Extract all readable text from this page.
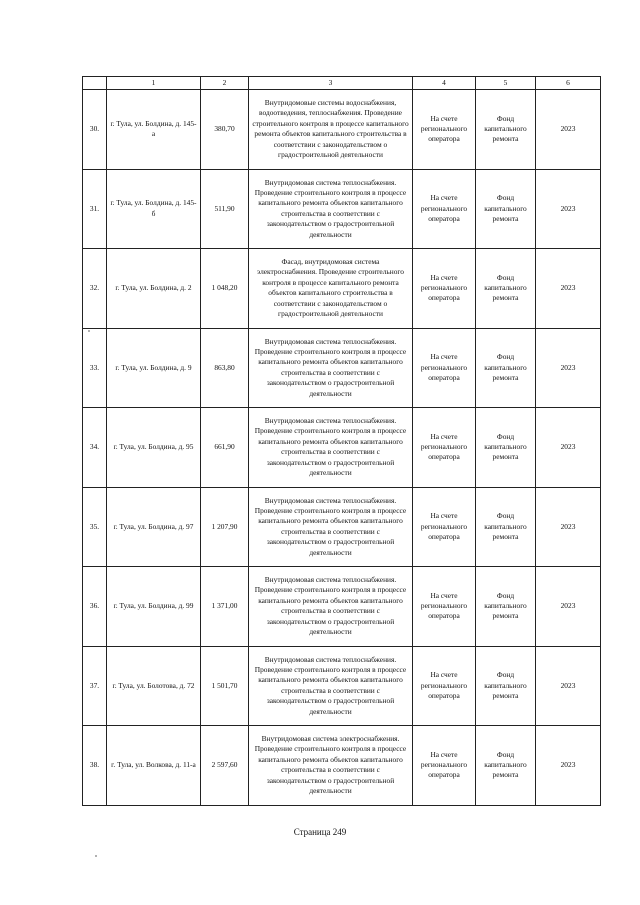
	1	2	3	4	5	6
30.	г. Тула, ул. Болдина, д. 145-а	380,70	Внутридомовые системы водоснабжения, водоотведения, теплоснабжения. Проведение строительного контроля в процессе капитального ремонта объектов капитального строительства в соответствии с законодательством о градостроительной деятельности	На счете регионального оператора	Фонд капитального ремонта	2023
31.	г. Тула, ул. Болдина, д. 145-б	511,90	Внутридомовая система теплоснабжения. Проведение строительного контроля в процессе капитального ремонта объектов капитального строительства в соответствии с законодательством о градостроительной деятельности	На счете регионального оператора	Фонд капитального ремонта	2023
32.	г. Тула, ул. Болдина, д. 2	1 048,20	Фасад, внутридомовая система электроснабжения. Проведение строительного контроля в процессе капитального ремонта объектов капитального строительства в соответствии с законодательством о градостроительной деятельности	На счете регионального оператора	Фонд капитального ремонта	2023
33.	г. Тула, ул. Болдина, д. 9	863,80	Внутридомовая система теплоснабжения. Проведение строительного контроля в процессе капитального ремонта объектов капитального строительства в соответствии с законодательством о градостроительной деятельности	На счете регионального оператора	Фонд капитального ремонта	2023
34.	г. Тула, ул. Болдина, д. 95	661,90	Внутридомовая система теплоснабжения. Проведение строительного контроля в процессе капитального ремонта объектов капитального строительства в соответствии с законодательством о градостроительной деятельности	На счете регионального оператора	Фонд капитального ремонта	2023
35.	г. Тула, ул. Болдина, д. 97	1 207,90	Внутридомовая система теплоснабжения. Проведение строительного контроля в процессе капитального ремонта объектов капитального строительства в соответствии с законодательством о градостроительной деятельности	На счете регионального оператора	Фонд капитального ремонта	2023
36.	г. Тула, ул. Болдина, д. 99	1 371,00	Внутридомовая система теплоснабжения. Проведение строительного контроля в процессе капитального ремонта объектов капитального строительства в соответствии с законодательством о градостроительной деятельности	На счете регионального оператора	Фонд капитального ремонта	2023
37.	г. Тула, ул. Болотова, д. 72	1 501,70	Внутридомовая система теплоснабжения. Проведение строительного контроля в процессе капитального ремонта объектов капитального строительства в соответствии с законодательством о градостроительной деятельности	На счете регионального оператора	Фонд капитального ремонта	2023
38.	г. Тула, ул. Волкова, д. 11-а	2 597,60	Внутридомовая система электроснабжения. Проведение строительного контроля в процессе капитального ремонта объектов капитального строительства в соответствии с законодательством о градостроительной деятельности	На счете регионального оператора	Фонд капитального ремонта	2023
Страница 249
